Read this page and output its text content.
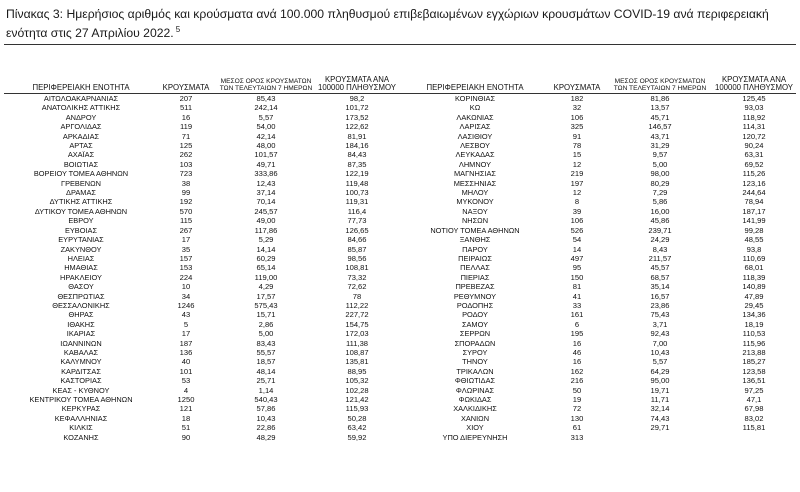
Πίνακας 3: Ημερήσιος αριθμός και κρούσματα ανά 100.000 πληθυσμού επιβεβαιωμένων εγχώριων κρουσμάτων COVID-19 ανά περιφερειακή ενότητα στις 27 Απριλίου 2022. $^5$
ΠΕΡΙΦΕΡΕΙΑΚΗ ΕΝΟΤΗΤΑ	ΚΡΟΥΣΜΑΤΑ	ΜΕΣΟΣ ΟΡΟΣ ΚΡΟΥΣΜΑΤΩΝ ΤΩΝ ΤΕΛΕΥΤΑΙΩΝ 7 ΗΜΕΡΩΝ	ΚΡΟΥΣΜΑΤΑ ΑΝΑ 100000 ΠΛΗΘΥΣΜΟΥ
ΑΙΤΩΛΟΑΚΑΡΝΑΝΙΑΣ	207	85,43	98,2
ΑΝΑΤΟΛΙΚΗΣ ΑΤΤΙΚΗΣ	511	242,14	101,72
ΑΝΔΡΟΥ	16	5,57	173,52
ΑΡΓΟΛΙΔΑΣ	119	54,00	122,62
ΑΡΚΑΔΙΑΣ	71	42,14	81,91
ΑΡΤΑΣ	125	48,00	184,16
ΑΧΑΪΑΣ	262	101,57	84,43
ΒΟΙΩΤΙΑΣ	103	49,71	87,35
ΒΟΡΕΙΟΥ ΤΟΜΕΑ ΑΘΗΝΩΝ	723	333,86	122,19
ΓΡΕΒΕΝΩΝ	38	12,43	119,48
ΔΡΑΜΑΣ	99	37,14	100,73
ΔΥΤΙΚΗΣ ΑΤΤΙΚΗΣ	192	70,14	119,31
ΔΥΤΙΚΟΥ ΤΟΜΕΑ ΑΘΗΝΩΝ	570	245,57	116,4
ΕΒΡΟΥ	115	49,00	77,73
ΕΥΒΟΙΑΣ	267	117,86	126,65
ΕΥΡΥΤΑΝΙΑΣ	17	5,29	84,66
ΖΑΚΥΝΘΟΥ	35	14,14	85,87
ΗΛΕΙΑΣ	157	60,29	98,56
ΗΜΑΘΙΑΣ	153	65,14	108,81
ΗΡΑΚΛΕΙΟΥ	224	119,00	73,32
ΘΑΣΟΥ	10	4,29	72,62
ΘΕΣΠΡΩΤΙΑΣ	34	17,57	78
ΘΕΣΣΑΛΟΝΙΚΗΣ	1246	575,43	112,22
ΘΗΡΑΣ	43	15,71	227,72
ΙΘΑΚΗΣ	5	2,86	154,75
ΙΚΑΡΙΑΣ	17	5,00	172,03
ΙΩΑΝΝΙΝΩΝ	187	83,43	111,38
ΚΑΒΑΛΑΣ	136	55,57	108,87
ΚΑΛΥΜΝΟΥ	40	18,57	135,81
ΚΑΡΔΙΤΣΑΣ	101	48,14	88,95
ΚΑΣΤΟΡΙΑΣ	53	25,71	105,32
ΚΕΑΣ - ΚΥΘΝΟΥ	4	1,14	102,28
ΚΕΝΤΡΙΚΟΥ ΤΟΜΕΑ ΑΘΗΝΩΝ	1250	540,43	121,42
ΚΕΡΚΥΡΑΣ	121	57,86	115,93
ΚΕΦΑΛΛΗΝΙΑΣ	18	10,43	50,28
ΚΙΛΚΙΣ	51	22,86	63,42
ΚΟΖΑΝΗΣ	90	48,29	59,92
ΠΕΡΙΦΕΡΕΙΑΚΗ ΕΝΟΤΗΤΑ	ΚΡΟΥΣΜΑΤΑ	ΜΕΣΟΣ ΟΡΟΣ ΚΡΟΥΣΜΑΤΩΝ ΤΩΝ ΤΕΛΕΥΤΑΙΩΝ 7 ΗΜΕΡΩΝ	ΚΡΟΥΣΜΑΤΑ ΑΝΑ 100000 ΠΛΗΘΥΣΜΟΥ
ΚΟΡΙΝΘΙΑΣ	182	81,86	125,45
ΚΩ	32	13,57	93,03
ΛΑΚΩΝΙΑΣ	106	45,71	118,92
ΛΑΡΙΣΑΣ	325	146,57	114,31
ΛΑΣΙΘΙΟΥ	91	43,71	120,72
ΛΕΣΒΟΥ	78	31,29	90,24
ΛΕΥΚΑΔΑΣ	15	9,57	63,31
ΛΗΜΝΟΥ	12	5,00	69,52
ΜΑΓΝΗΣΙΑΣ	219	98,00	115,26
ΜΕΣΣΗΝΙΑΣ	197	80,29	123,16
ΜΗΛΟΥ	12	7,29	244,64
ΜΥΚΟΝΟΥ	8	5,86	78,94
ΝΑΞΟΥ	39	16,00	187,17
ΝΗΣΩΝ	106	45,86	141,99
ΝΟΤΙΟΥ ΤΟΜΕΑ ΑΘΗΝΩΝ	526	239,71	99,28
ΞΑΝΘΗΣ	54	24,29	48,55
ΠΑΡΟΥ	14	8,43	93,8
ΠΕΙΡΑΙΩΣ	497	211,57	110,69
ΠΕΛΛΑΣ	95	45,57	68,01
ΠΙΕΡΙΑΣ	150	68,57	118,39
ΠΡΕΒΕΖΑΣ	81	35,14	140,89
ΡΕΘΥΜΝΟΥ	41	16,57	47,89
ΡΟΔΟΠΗΣ	33	23,86	29,45
ΡΟΔΟΥ	161	75,43	134,36
ΣΑΜΟΥ	6	3,71	18,19
ΣΕΡΡΩΝ	195	92,43	110,53
ΣΠΟΡΑΔΩΝ	16	7,00	115,96
ΣΥΡΟΥ	46	10,43	213,88
ΤΗΝΟΥ	16	5,57	185,27
ΤΡΙΚΑΛΩΝ	162	64,29	123,58
ΦΘΙΩΤΙΔΑΣ	216	95,00	136,51
ΦΛΩΡΙΝΑΣ	50	19,71	97,25
ΦΩΚΙΔΑΣ	19	11,71	47,1
ΧΑΛΚΙΔΙΚΗΣ	72	32,14	67,98
ΧΑΝΙΩΝ	130	74,43	83,02
ΧΙΟΥ	61	29,71	115,81
ΥΠΟ ΔΙΕΡΕΥΝΗΣΗ	313		
